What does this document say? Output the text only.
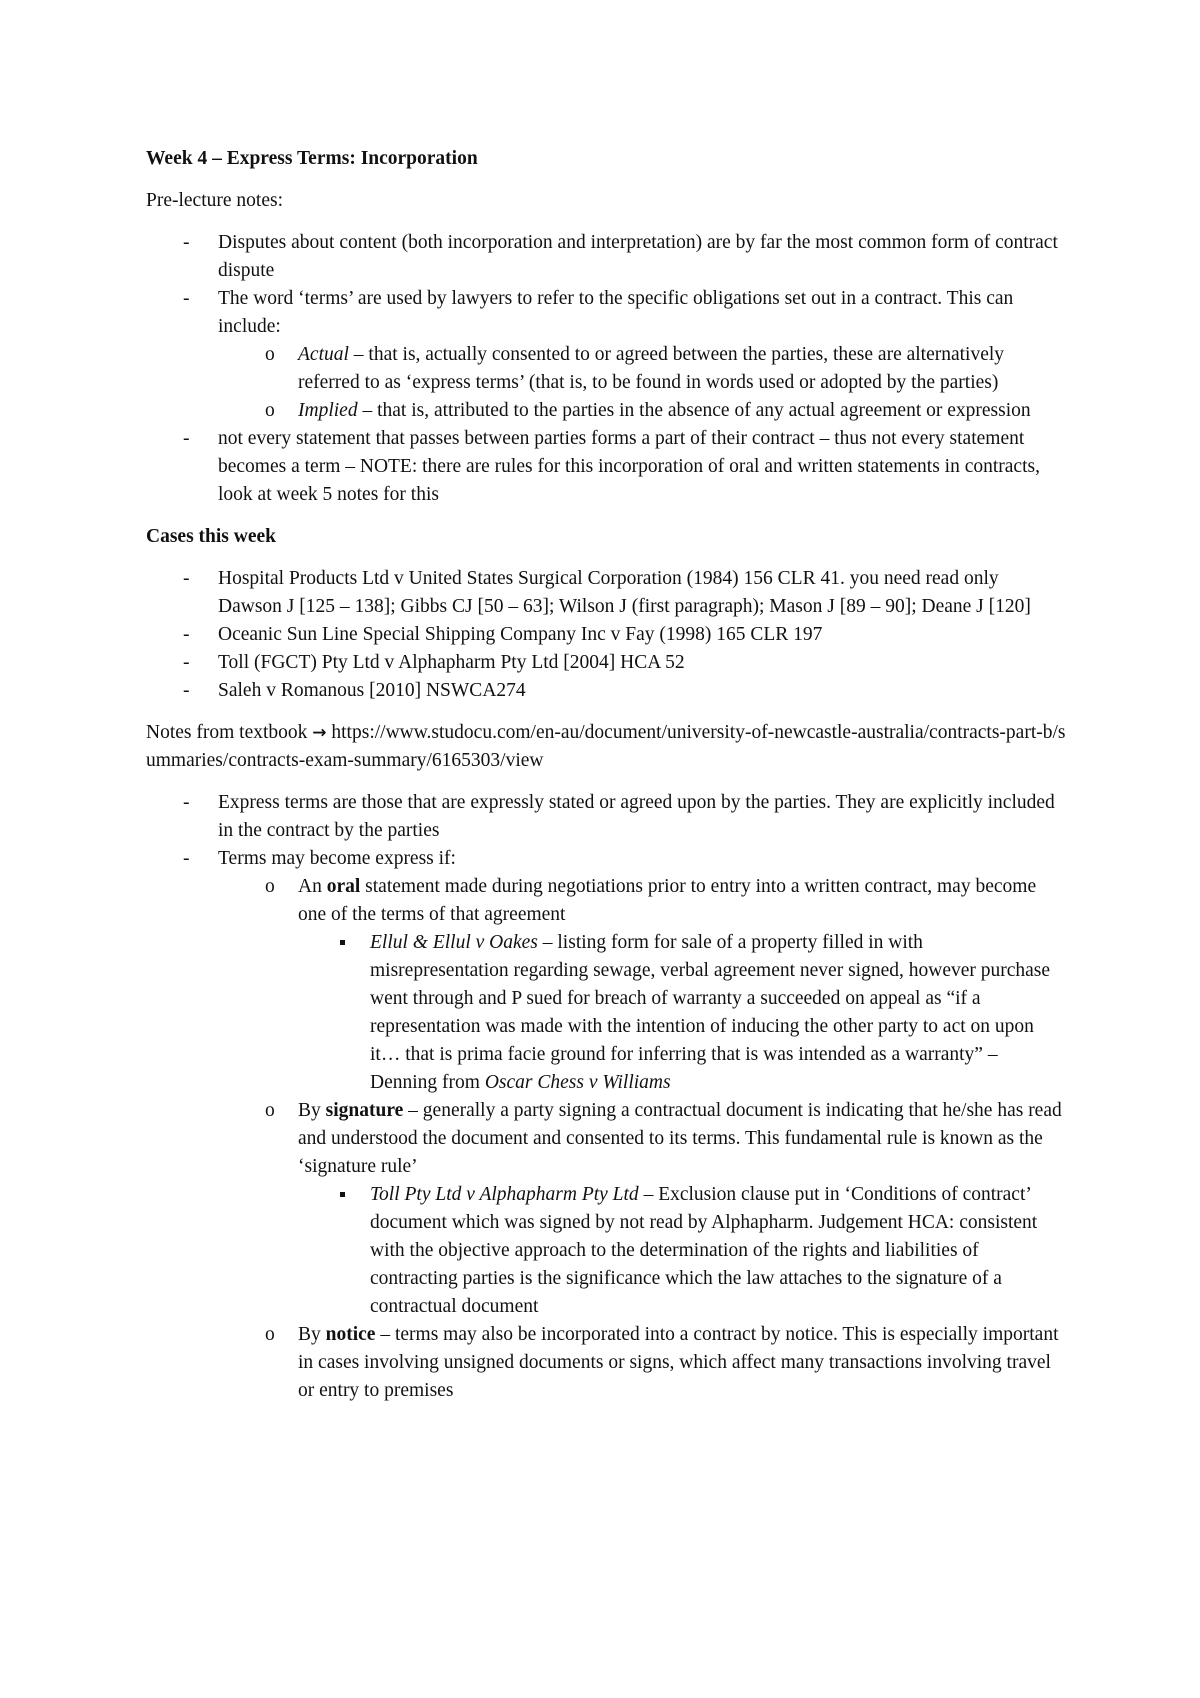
Week 4 – Express Terms: Incorporation

Pre-lecture notes:

- Disputes about content (both incorporation and interpretation) are by far the most common form of contract dispute
- The word ‘terms’ are used by lawyers to refer to the specific obligations set out in a contract. This can include:
o Actual – that is, actually consented to or agreed between the parties, these are alternatively referred to as ‘express terms’ (that is, to be found in words used or adopted by the parties)
o Implied – that is, attributed to the parties in the absence of any actual agreement or expression
- not every statement that passes between parties forms a part of their contract – thus not every statement becomes a term – NOTE: there are rules for this incorporation of oral and written statements in contracts, look at week 5 notes for this

Cases this week

- Hospital Products Ltd v United States Surgical Corporation (1984) 156 CLR 41. you need read only Dawson J [125 – 138]; Gibbs CJ [50 – 63]; Wilson J (first paragraph); Mason J [89 – 90]; Deane J [120]
- Oceanic Sun Line Special Shipping Company Inc v Fay (1998) 165 CLR 197
- Toll (FGCT) Pty Ltd v Alphapharm Pty Ltd [2004] HCA 52
- Saleh v Romanous [2010] NSWCA274

Notes from textbook → https://www.studocu.com/en-au/document/university-of-newcastle-australia/contracts-part-b/summaries/contracts-exam-summary/6165303/view

- Express terms are those that are expressly stated or agreed upon by the parties. They are explicitly included in the contract by the parties
- Terms may become express if:
o An oral statement made during negotiations prior to entry into a written contract, may become one of the terms of that agreement
Ellul & Ellul v Oakes – listing form for sale of a property filled in with misrepresentation regarding sewage, verbal agreement never signed, however purchase went through and P sued for breach of warranty a succeeded on appeal as “if a representation was made with the intention of inducing the other party to act on upon it… that is prima facie ground for inferring that is was intended as a warranty” – Denning from Oscar Chess v Williams
o By signature – generally a party signing a contractual document is indicating that he/she has read and understood the document and consented to its terms. This fundamental rule is known as the ‘signature rule’
Toll Pty Ltd v Alphapharm Pty Ltd – Exclusion clause put in ‘Conditions of contract’ document which was signed by not read by Alphapharm. Judgement HCA: consistent with the objective approach to the determination of the rights and liabilities of contracting parties is the significance which the law attaches to the signature of a contractual document
o By notice – terms may also be incorporated into a contract by notice. This is especially important in cases involving unsigned documents or signs, which affect many transactions involving travel or entry to premises
